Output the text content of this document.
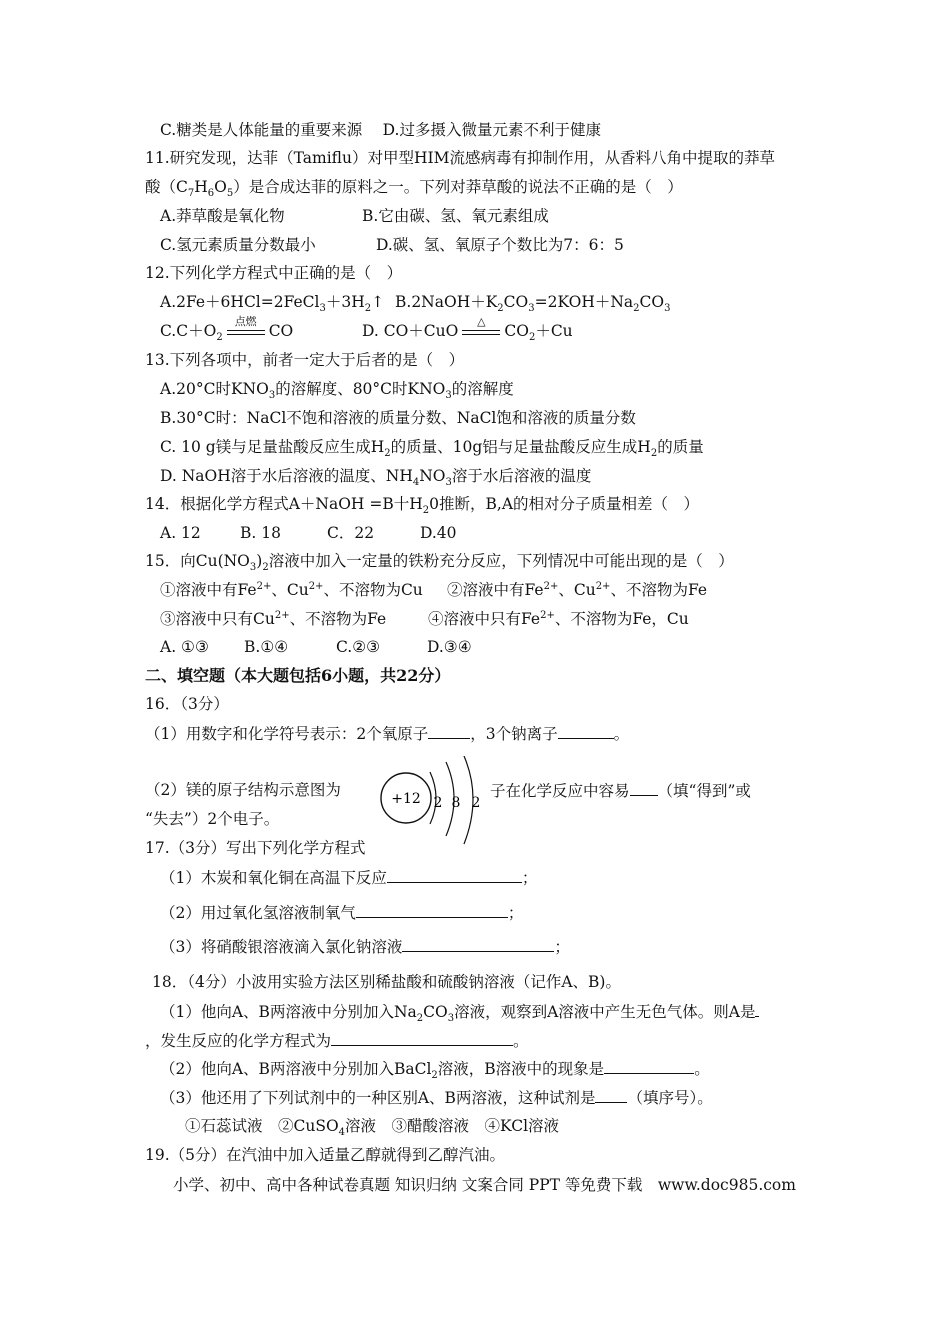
C.糖类是人体能量的重要来源　 D.过多摄入微量元素不利于健康
11.研究发现，达菲（Tamiflu）对甲型HIM流感病毒有抑制作用，从香料八角中提取的莽草
酸$(C_7H_6O_5)$是合成达菲的原料之一。下列对莽草酸的说法不正确的是（　）
A.莽草酸是氧化物	B.它由碳、氢、氧元素组成
C.氢元素质量分数最小	D.碳、氢、氧原子个数比为7：6：5
12.下列化学方程式中正确的是（　）
$A.2Fe+6HCl=2FeCl_3+3H_2↑$ $B.2NaOH+K_2CO_3=2KOH+Na_2CO_3$
$C.C+O_2$
点燃
CO	D. CO＋CuO
△
$CO_2+Cu$
13.下列各项中，前者一定大于后者的是（　）
A.20°C时$KNO_3$的溶解度、80°C时$KNO_3$的溶解度
B.30°C时：NaCl不饱和溶液的质量分数、NaCl饱和溶液的质量分数
C. 10 g镁与足量盐酸反应生成$H_2$的质量、10g铝与足量盐酸反应生成$H_2$的质量
D. NaOH溶于水后溶液的温度、$NH_4NO_3$溶于水后溶液的温度
14．根据化学方程式A＋NaOH =B十$H_20$推断，B,A的相对分子质量相差（　）
A. 12	B. 18	C．22	D.40
15．向$Cu(NO_3)_2$溶液中加入一定量的铁粉充分反应，下列情况中可能出现的是（　）
①溶液中有$Fe^{2+}$、$Cu^{2+}$、不溶物为Cu ②溶液中有$Fe^{2+}$、$Cu^{2+}$、不溶物为Fe
③溶液中只有$Cu^{2+}$、不溶物为Fe	④溶液中只有$Fe^{2+}$、不溶物为Fe，Cu
A. ①③ B.①④	C.②③	D.③④
二、填空题（本大题包括6小题，共22分）
16．（3分）
（1）用数字和化学符号表示：2个氧原子	，3个钠离子	。
（2）镁的原子结构示意图为	+12 2 8 2
子在化学反应中容易 （填“得到”或
“失去”）2个电子。
17.（3分）写出下列化学方程式
（1）木炭和氧化铜在高温下反应	；
（2）用过氧化氢溶液制氧气	；
（3）将硝酸银溶液滴入氯化钠溶液	；
18．（4分）小波用实验方法区别稀盐酸和硫酸钠溶液（记作A、B)。
（1）他向A、B两溶液中分别加入$Na_2CO_3$溶液，观察到A溶液中产生无色气体。则A是
，发生反应的化学方程式为	。
（2）他向A、B两溶液中分别加入BaCl$_2$溶液，B溶液中的现象是	。
（3）他还用了下列试剂中的一种区别A、B两溶液，这种试剂是 （填序号）。
①石蕊试液　②CuSO$_4$溶液　③醋酸溶液　④KCl溶液
19.（5分）在汽油中加入适量乙醇就得到乙醇汽油。
小学、初中、高中各种试卷真题 知识归纳 文案合同 PPT 等免费下载　www.doc985.com
